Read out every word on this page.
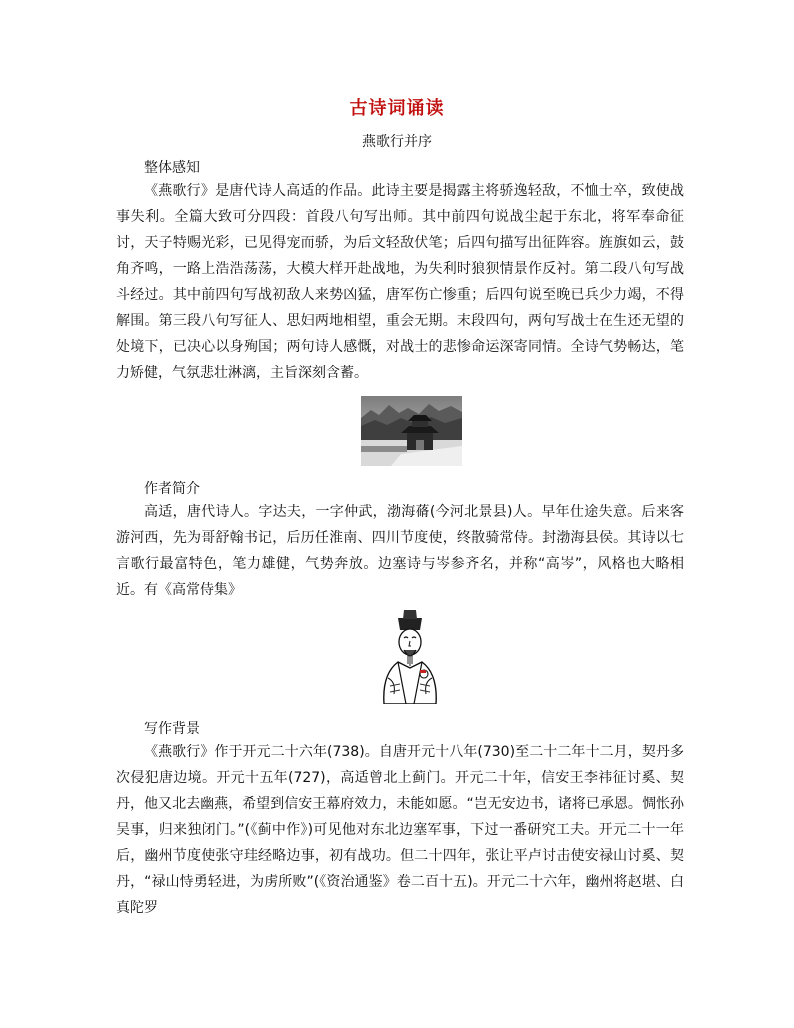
古诗词诵读
燕歌行并序
整体感知

《燕歌行》是唐代诗人高适的作品。此诗主要是揭露主将骄逸轻敌，不恤士卒，致使战事失利。全篇大致可分四段：首段八句写出师。其中前四句说战尘起于东北，将军奉命征讨，天子特赐光彩，已见得宠而骄，为后文轻敌伏笔；后四句描写出征阵容。旌旗如云，鼓角齐鸣，一路上浩浩荡荡，大模大样开赴战地，为失利时狼狈情景作反衬。第二段八句写战斗经过。其中前四句写战初敌人来势凶猛，唐军伤亡惨重；后四句说至晚已兵少力竭，不得解围。第三段八句写征人、思妇两地相望，重会无期。末段四句，两句写战士在生还无望的处境下，已决心以身殉国；两句诗人感慨，对战士的悲惨命运深寄同情。全诗气势畅达，笔力矫健，气氛悲壮淋漓，主旨深刻含蓄。

作者简介

高适，唐代诗人。字达夫，一字仲武，渤海蓨(今河北景县)人。早年仕途失意。后来客游河西，先为哥舒翰书记，后历任淮南、四川节度使，终散骑常侍。封渤海县侯。其诗以七言歌行最富特色，笔力雄健，气势奔放。边塞诗与岑参齐名，并称“高岑”，风格也大略相近。有《高常侍集》

写作背景

《燕歌行》作于开元二十六年(738)。自唐开元十八年(730)至二十二年十二月，契丹多次侵犯唐边境。开元十五年(727)，高适曾北上蓟门。开元二十年，信安王李祎征讨奚、契丹，他又北去幽燕，希望到信安王幕府效力，未能如愿。“岂无安边书，诸将已承恩。惆怅孙吴事，归来独闭门。”(《蓟中作》)可见他对东北边塞军事，下过一番研究工夫。开元二十一年后，幽州节度使张守珪经略边事，初有战功。但二十四年，张让平卢讨击使安禄山讨奚、契丹，“禄山恃勇轻进，为虏所败”(《资治通鉴》卷二百十五)。开元二十六年，幽州将赵堪、白真陀罗
